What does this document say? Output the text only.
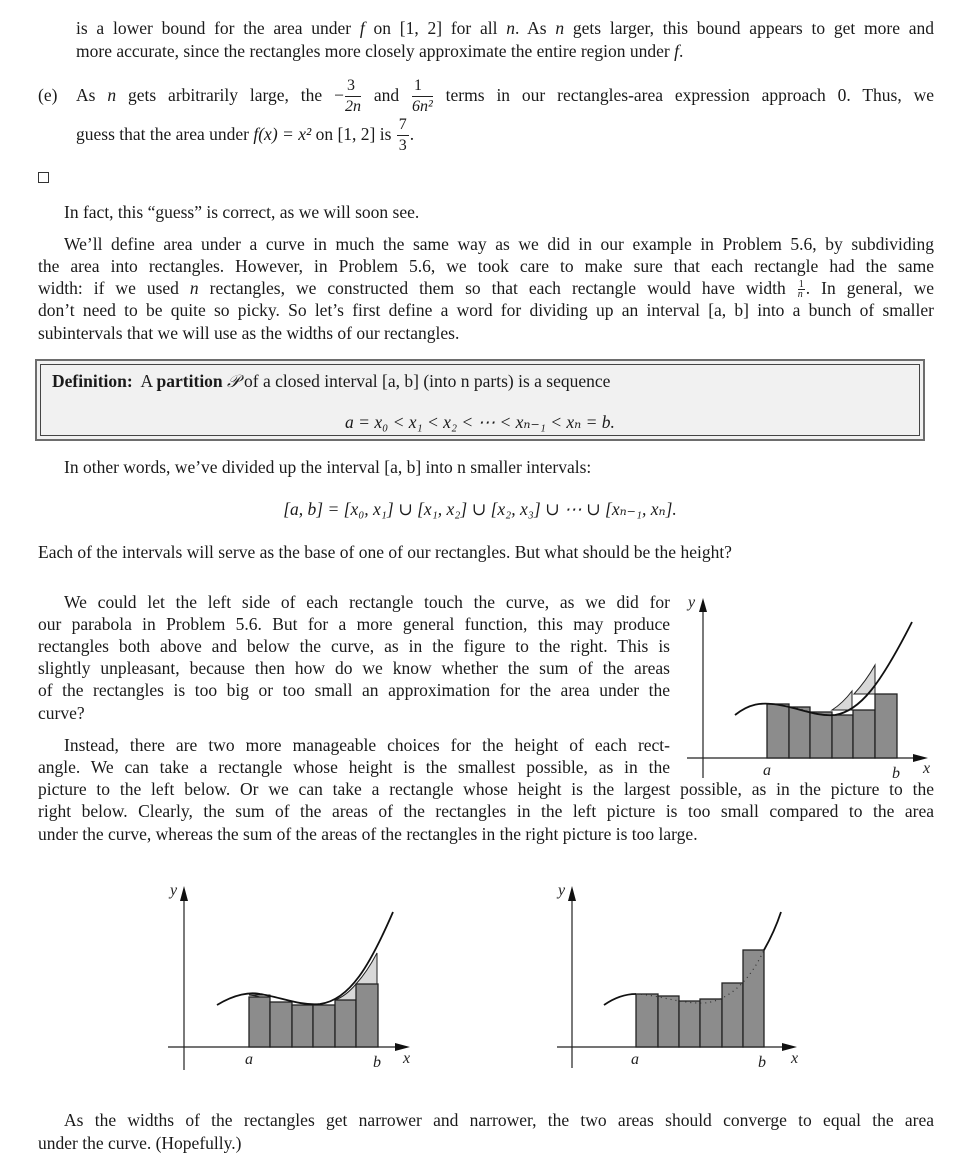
is a lower bound for the area under f on [1, 2] for all n. As n gets larger, this bound appears to get more and
more accurate, since the rectangles more closely approximate the entire region under f.
(e) As n gets arbitrarily large, the − $\frac{3}{2n}$ and $\frac{1}{\text{6n²}}$ terms in our rectangles-area expression approach 0. Thus, we
guess that the area under f(x) = x² on [1, 2] is $\frac{7}{3}$ .
In fact, this “guess” is correct, as we will soon see.
We’ll define area under a curve in much the same way as we did in our example in Problem 5.6, by subdividing
the area into rectangles. However, in Problem 5.6, we took care to make sure that each rectangle had the same
width: if we used n rectangles, we constructed them so that each rectangle would have width $\frac{1}{n}$ . In general, we
don’t need to be quite so picky. So let’s first define a word for dividing up an interval [a, b] into a bunch of smaller
subintervals that we will use as the widths of our rectangles.
Definition:  A partition 𝒫 of a closed interval [a, b] (into n parts) is a sequence
a = x₀ < x₁ < x₂ < ⋯ < xₙ₋₁ < xₙ = b.
In other words, we’ve divided up the interval [a, b] into n smaller intervals:
[a, b] = [x₀, x₁] ∪ [x₁, x₂] ∪ [x₂, x₃] ∪ ⋯ ∪ [xₙ₋₁, xₙ].
Each of the intervals will serve as the base of one of our rectangles. But what should be the height?
We could let the left side of each rectangle touch the curve, as we did for
our parabola in Problem 5.6. But for a more general function, this may produce
rectangles both above and below the curve, as in the figure to the right. This is
slightly unpleasant, because then how do we know whether the sum of the areas
of the rectangles is too big or too small an approximation for the area under the
curve?
Instead, there are two more manageable choices for the height of each rect-
angle. We can take a rectangle whose height is the smallest possible, as in the
picture to the left below. Or we can take a rectangle whose height is the largest possible, as in the picture to the
right below. Clearly, the sum of the areas of the rectangles in the left picture is too small compared to the area
under the curve, whereas the sum of the areas of the rectangles in the right picture is too large.
y
a	b x
y
a	b x
y
a	b x
As the widths of the rectangles get narrower and narrower, the two areas should converge to equal the area
under the curve. (Hopefully.)
